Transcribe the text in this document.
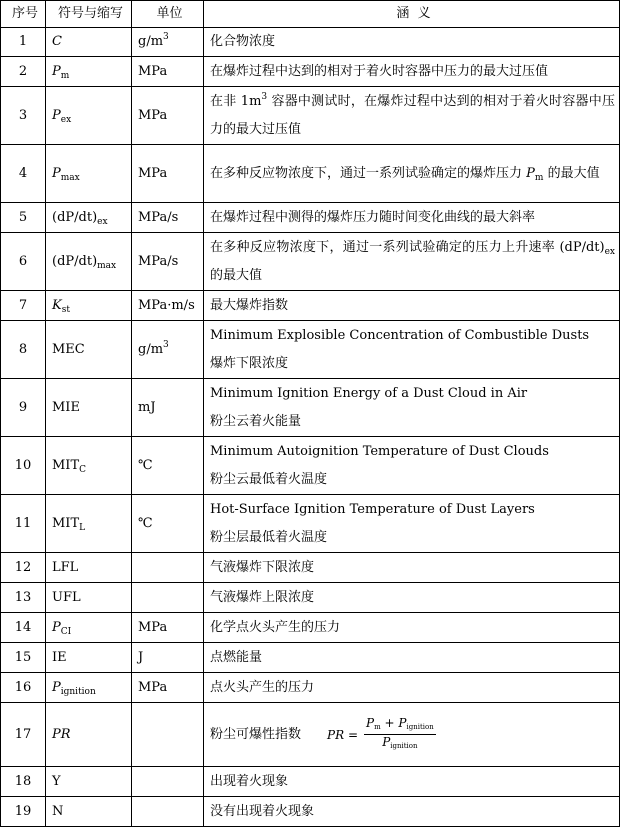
序号	符号与缩写	单位	涵  义
1	C	$g/m^3$	化合物浓度
2	$P_m$	MPa	在爆炸过程中达到的相对于着火时容器中压力的最大过压值
3	$P_{ex}$	MPa	在非 $1m^3$ 容器中测试时，在爆炸过程中达到的相对于着火时容器中压力的最大过压值
4	$P_{max}$	MPa	在多种反应物浓度下，通过一系列试验确定的爆炸压力 $P_m$ 的最大值
5	$(dP/dt)_{ex}$	MPa/s	在爆炸过程中测得的爆炸压力随时间变化曲线的最大斜率
6	$(dP/dt)_{max}$	MPa/s	在多种反应物浓度下，通过一系列试验确定的压力上升速率 $(dP/dt)_{ex}$ 的最大值
7	$K_{st}$	MPa·m/s	最大爆炸指数
8	MEC	$g/m^3$	Minimum Explosible Concentration of Combustible Dusts
爆炸下限浓度

9	MIE	mJ	Minimum Ignition Energy of a Dust Cloud in Air
粉尘云着火能量

10	$MIT_C$	℃	Minimum Autoignition Temperature of Dust Clouds
粉尘云最低着火温度

11	$MIT_L$	℃	Hot-Surface Ignition Temperature of Dust Layers
粉尘层最低着火温度

12	LFL		气液爆炸下限浓度
13	UFL		气液爆炸上限浓度
14	$P_{CI}$	MPa	化学点火头产生的压力
15	IE	J	点燃能量
16	$P_{ignition}$	MPa	点火头产生的压力
17	PR		粉尘可爆性指数 PR = $\frac{\text{Pm + Pignition}}{\text{Pignition}}$

18	Y		出现着火现象
19	N		没有出现着火现象
